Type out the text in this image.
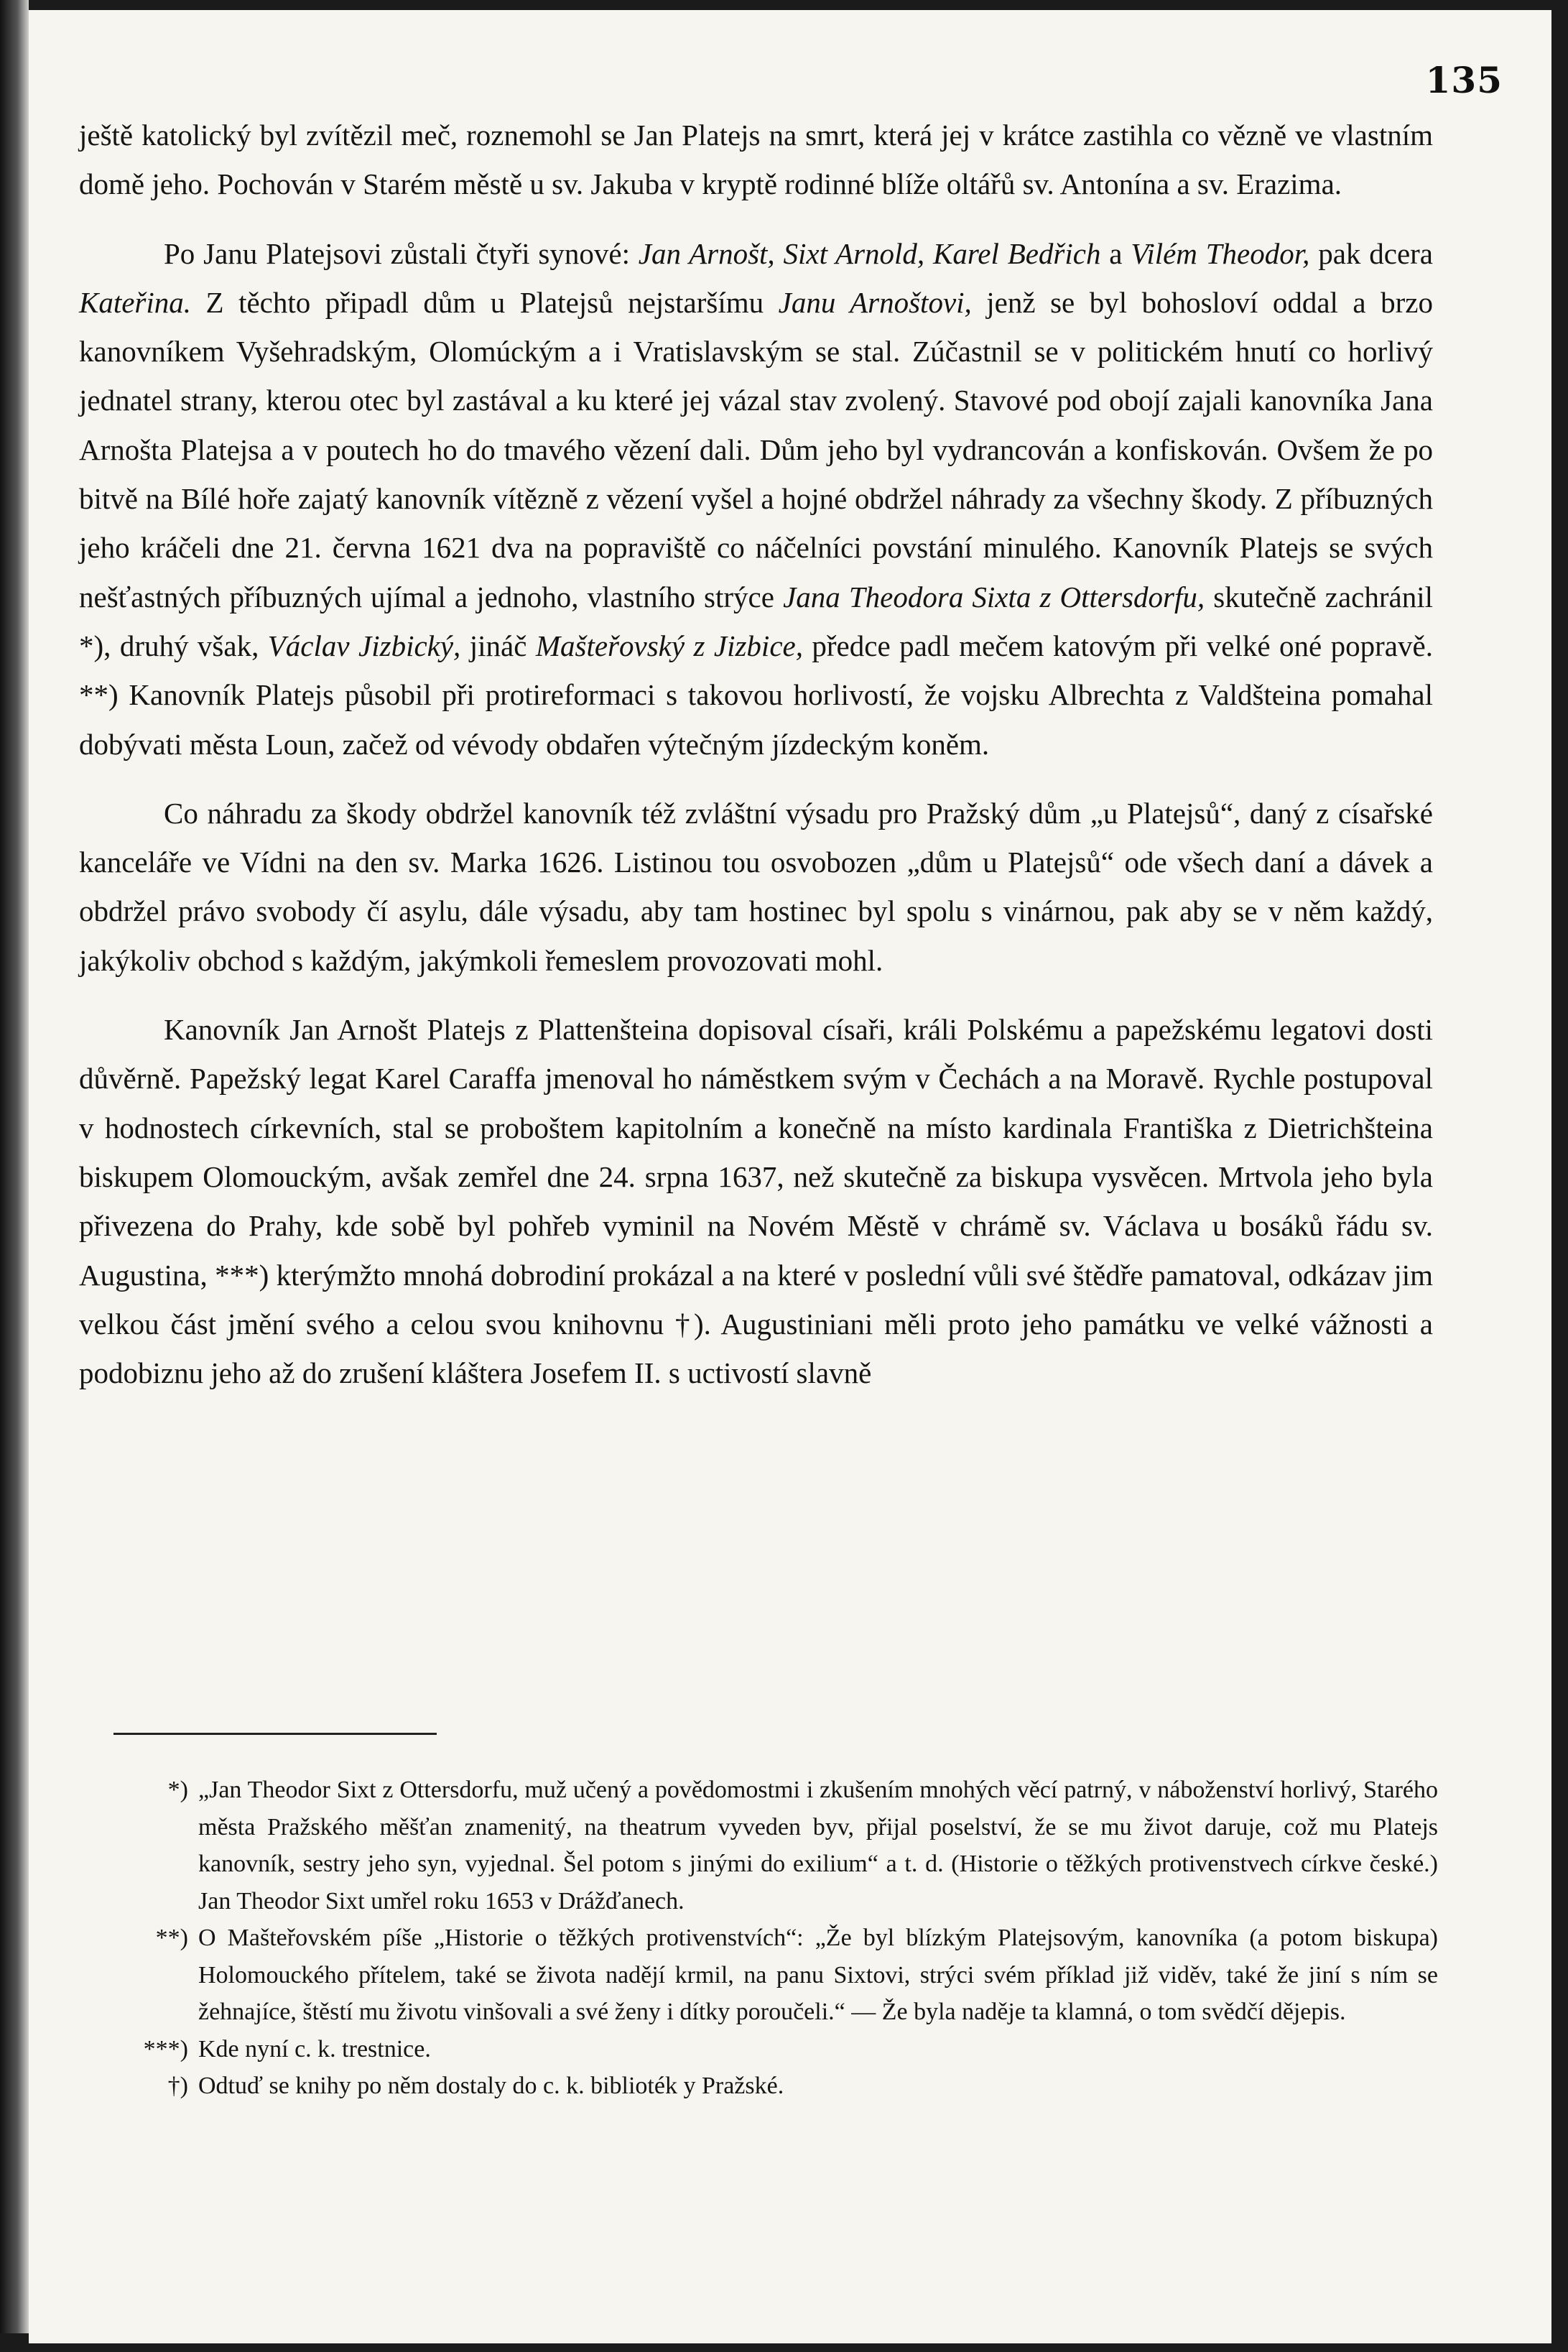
135

ještě katolický byl zvítězil meč, roznemohl se Jan Platejs na smrt, která jej v krátce zastihla co vězně ve vlastním domě jeho. Pochován v Starém městě u sv. Jakuba v kryptě rodinné blíže oltářů sv. Antonína a sv. Erazima.

Po Janu Platejsovi zůstali čtyři synové: Jan Arnošt, Sixt Arnold, Karel Bedřich a Vilém Theodor, pak dcera Kateřina. Z těchto připadl dům u Platejsů nejstaršímu Janu Arnoštovi, jenž se byl bohosloví oddal a brzo kanovníkem Vyšehradským, Olomúckým a i Vratislavským se stal. Zúčastnil se v politickém hnutí co horlivý jednatel strany, kterou otec byl zastával a ku které jej vázal stav zvolený. Stavové pod obojí zajali kanovníka Jana Arnošta Platejsa a v poutech ho do tmavého vězení dali. Dům jeho byl vydrancován a konfiskován. Ovšem že po bitvě na Bílé hoře zajatý kanovník vítězně z vězení vyšel a hojné obdržel náhrady za všechny škody. Z příbuzných jeho kráčeli dne 21. června 1621 dva na popraviště co náčelníci povstání minulého. Kanovník Platejs se svých nešťastných příbuzných ujímal a jednoho, vlastního strýce Jana Theodora Sixta z Ottersdorfu, skutečně zachránil *), druhý však, Václav Jizbický, jináč Mašteřovský z Jizbice, předce padl mečem katovým při velké oné popravě. **) Kanovník Platejs působil při protireformaci s takovou horlivostí, že vojsku Albrechta z Valdšteina pomahal dobývati města Loun, začež od vévody obdařen výtečným jízdeckým koněm.

Co náhradu za škody obdržel kanovník též zvláštní výsadu pro Pražský dům „u Platejsů“, daný z císařské kanceláře ve Vídni na den sv. Marka 1626. Listinou tou osvobozen „dům u Platejsů“ ode všech daní a dávek a obdržel právo svobody čí asylu, dále výsadu, aby tam hostinec byl spolu s vinárnou, pak aby se v něm každý, jakýkoliv obchod s každým, jakýmkoli řemeslem provozovati mohl.

Kanovník Jan Arnošt Platejs z Plattenšteina dopisoval císaři, králi Polskému a papežskému legatovi dosti důvěrně. Papežský legat Karel Caraffa jmenoval ho náměstkem svým v Čechách a na Moravě. Rychle postupoval v hodnostech církevních, stal se proboštem kapitolním a konečně na místo kardinala Františka z Dietrichšteina biskupem Olomouckým, avšak zemřel dne 24. srpna 1637, než skutečně za biskupa vysvěcen. Mrtvola jeho byla přivezena do Prahy, kde sobě byl pohřeb vyminil na Novém Městě v chrámě sv. Václava u bosáků řádu sv. Augustina, ***) kterýmžto mnohá dobrodiní prokázal a na které v poslední vůli své štědře pamatoval, odkázav jim velkou část jmění svého a celou svou knihovnu †). Augustiniani měli proto jeho památku ve velké vážnosti a podobiznu jeho až do zrušení kláštera Josefem II. s uctivostí slavně

*) „Jan Theodor Sixt z Ottersdorfu, muž učený a povědomostmi i zkušením mnohých věcí patrný, v náboženství horlivý, Starého města Pražského měšťan znamenitý, na theatrum vyveden byv, přijal poselství, že se mu život daruje, což mu Platejs kanovník, sestry jeho syn, vyjednal. Šel potom s jinými do exilium“ a t. d. (Historie o těžkých protivenstvech církve české.) Jan Theodor Sixt umřel roku 1653 v Drážďanech.
**) O Mašteřovském píše „Historie o těžkých protivenstvích“: „Že byl blízkým Platejsovým, kanovníka (a potom biskupa) Holomouckého přítelem, také se života nadějí krmil, na panu Sixtovi, strýci svém příklad již viděv, také že jiní s ním se žehnajíce, štěstí mu životu vinšovali a své ženy i dítky poroučeli.“ — Že byla naděje ta klamná, o tom svědčí dějepis.
***) Kde nyní c. k. trestnice.
†) Odtuď se knihy po něm dostaly do c. k. biblioték y Pražské.
